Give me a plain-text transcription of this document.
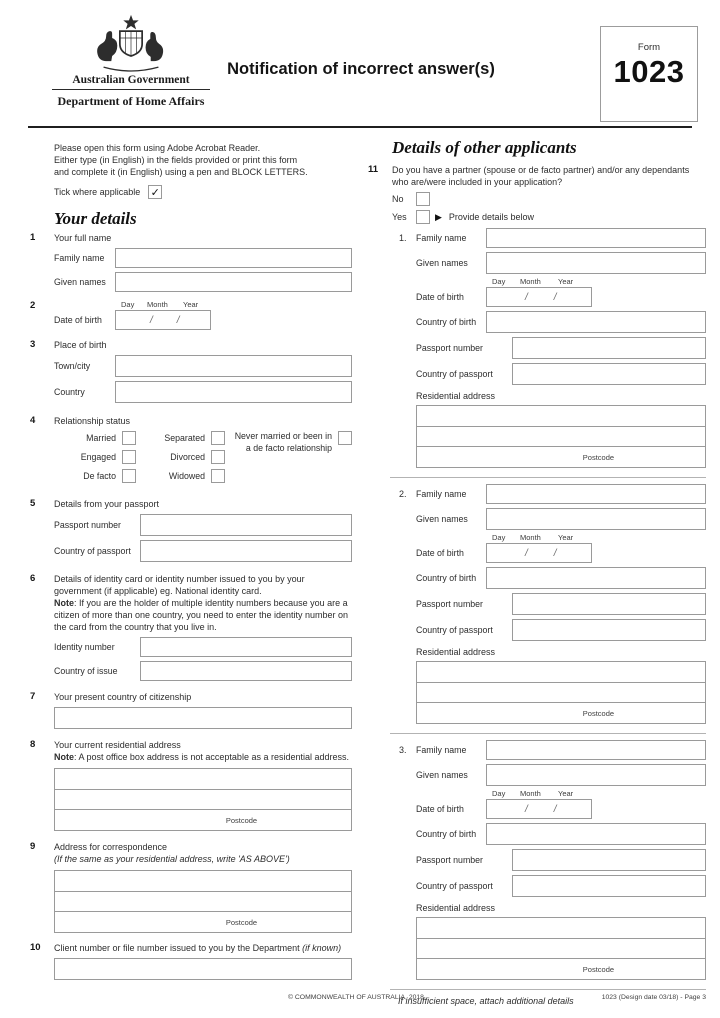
Australian Government
Department of Home Affairs
Notification of incorrect answer(s)
Form
1023
Please open this form using Adobe Acrobat Reader.
Either type (in English) in the fields provided or print this form
and complete it (in English) using a pen and BLOCK LETTERS.
Tick where applicable ✓
Your details
1	Your full name
Family name
Given names
2	Day	Month	Year
Date of birth	/ /
3	Place of birth
Town/city
Country
4	Relationship status
Married
Engaged
De facto
Separated
Divorced
Widowed
Never married or been in a de facto relationship
5	Details from your passport
Passport number
Country of passport
6	Details of identity card or identity number issued to you by your government (if applicable) eg. National identity card.
Note: If you are the holder of multiple identity numbers because you are a citizen of more than one country, you need to enter the identity number on the card from the country that you live in.
Identity number
Country of issue
7	Your present country of citizenship
8	Your current residential address
Note: A post office box address is not acceptable as a residential address.
Postcode
9	Address for correspondence
(If the same as your residential address, write 'AS ABOVE')
Postcode
10	Client number or file number issued to you by the Department (if known)
Details of other applicants
11	Do you have a partner (spouse or de facto partner) and/or any dependants who are/were included in your application?
No
Yes	▶ Provide details below
1.	Family name
Given names
Day	Month	Year
Date of birth	/	/
Country of birth
Passport number
Country of passport
Residential address
Postcode
2.	Family name
Given names
Day	Month	Year
Date of birth	/	/
Country of birth
Passport number
Country of passport
Residential address
Postcode
3.	Family name
Given names
Day	Month	Year
Date of birth	/	/
Country of birth
Passport number
Country of passport
Residential address
Postcode
If insufficient space, attach additional details
© COMMONWEALTH OF AUSTRALIA, 2018	1023 (Design date 03/18) - Page 3
